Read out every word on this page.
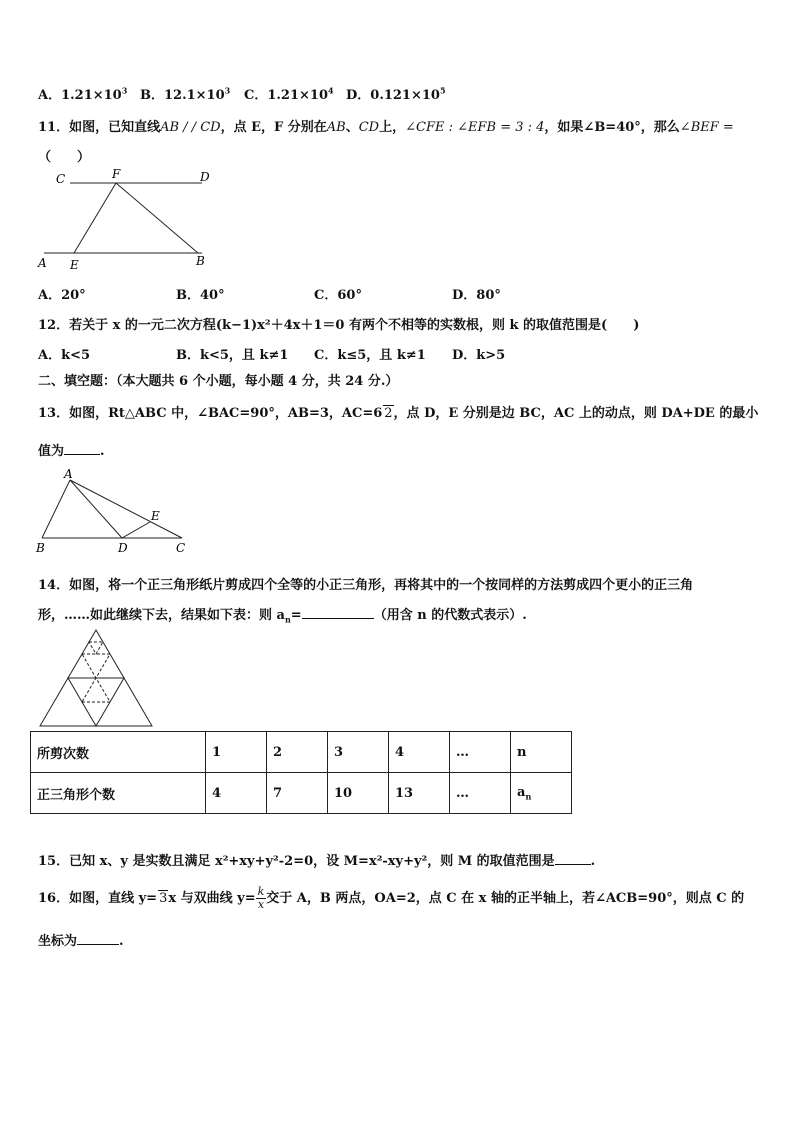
A．$1.21\times 10^3$ B．$12.1\times 10^3$ C．$1.21\times 10^4$ D．$0.121\times 10^5$
11．如图，已知直线AB / / CD，点 E，F 分别在AB、CD上，∠CFE : ∠EFB = 3 : 4，如果∠B=40°，那么∠BEF =
（　　）
C	F	D
A E	B
A．20°	B．40°	C．60°	D．80°
12．若关于 x 的一元二次方程(k−1)x²＋4x＋1＝0 有两个不相等的实数根，则 k 的取值范围是(　　)
A．k<5	B．k<5，且 k≠1 C．k≤5，且 k≠1 D．k>5
二、填空题：（本大题共 6 个小题，每小题 4 分，共 24 分.）
13．如图，Rt△ABC 中，∠BAC=90°，AB=3，AC=6 2，点 D，E 分别是边 BC，AC 上的动点，则 DA+DE 的最小
值为	.
A
B	D	C
E
14．如图，将一个正三角形纸片剪成四个全等的小正三角形，再将其中的一个按同样的方法剪成四个更小的正三角
形，……如此继续下去，结果如下表：则 $a_n=$	（用含 n 的代数式表示）.
所剪次数	1	2	3	4	…	n
正三角形个数	4	7	10	13	…	$a_n$
15．已知 x、y 是实数且满足 x²+xy+y²-2=0，设 M=x²-xy+y²，则 M 的取值范围是	.
16．如图，直线 y= 3x 与双曲线 $y= \frac{k}{x}$ 交于 A，B 两点，OA=2，点 C 在 x 轴的正半轴上，若∠ACB=90°，则点 C 的
坐标为	.
